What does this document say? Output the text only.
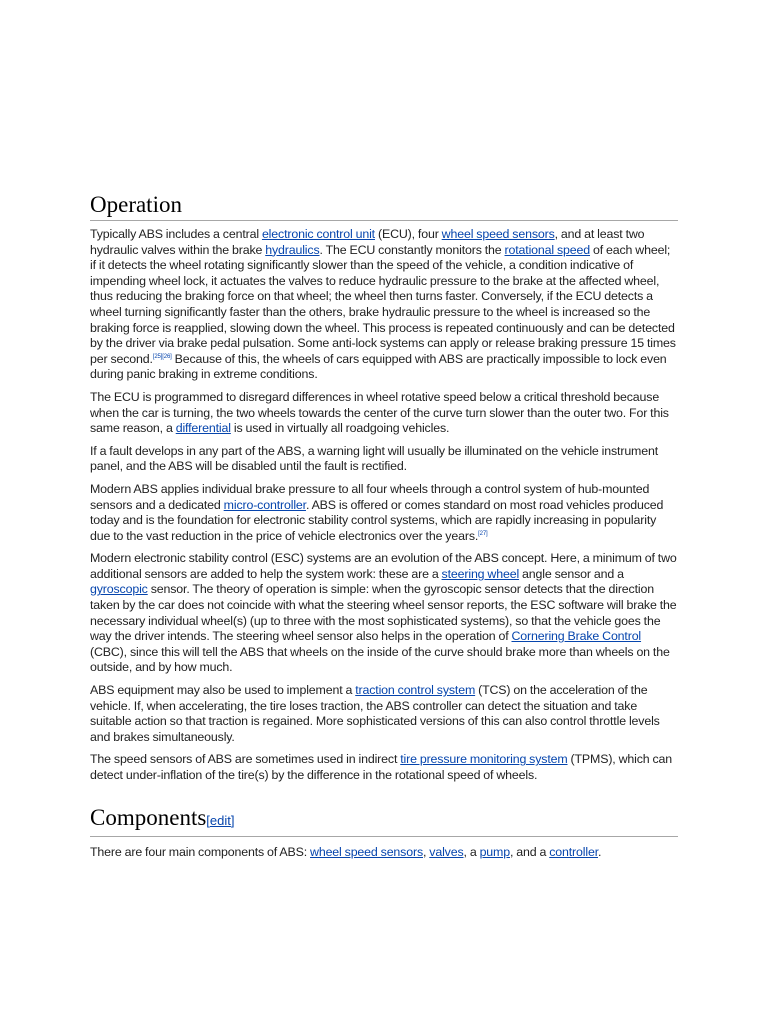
Operation

Typically ABS includes a central electronic control unit (ECU), four wheel speed sensors, and at least two hydraulic valves within the brake hydraulics. The ECU constantly monitors the rotational speed of each wheel; if it detects the wheel rotating significantly slower than the speed of the vehicle, a condition indicative of impending wheel lock, it actuates the valves to reduce hydraulic pressure to the brake at the affected wheel, thus reducing the braking force on that wheel; the wheel then turns faster. Conversely, if the ECU detects a wheel turning significantly faster than the others, brake hydraulic pressure to the wheel is increased so the braking force is reapplied, slowing down the wheel. This process is repeated continuously and can be detected by the driver via brake pedal pulsation. Some anti-lock systems can apply or release braking pressure 15 times per second.[25][26] Because of this, the wheels of cars equipped with ABS are practically impossible to lock even during panic braking in extreme conditions.

The ECU is programmed to disregard differences in wheel rotative speed below a critical threshold because when the car is turning, the two wheels towards the center of the curve turn slower than the outer two. For this same reason, a differential is used in virtually all roadgoing vehicles.

If a fault develops in any part of the ABS, a warning light will usually be illuminated on the vehicle instrument panel, and the ABS will be disabled until the fault is rectified.

Modern ABS applies individual brake pressure to all four wheels through a control system of hub-mounted sensors and a dedicated micro-controller. ABS is offered or comes standard on most road vehicles produced today and is the foundation for electronic stability control systems, which are rapidly increasing in popularity due to the vast reduction in the price of vehicle electronics over the years.[27]

Modern electronic stability control (ESC) systems are an evolution of the ABS concept. Here, a minimum of two additional sensors are added to help the system work: these are a steering wheel angle sensor and a gyroscopic sensor. The theory of operation is simple: when the gyroscopic sensor detects that the direction taken by the car does not coincide with what the steering wheel sensor reports, the ESC software will brake the necessary individual wheel(s) (up to three with the most sophisticated systems), so that the vehicle goes the way the driver intends. The steering wheel sensor also helps in the operation of Cornering Brake Control (CBC), since this will tell the ABS that wheels on the inside of the curve should brake more than wheels on the outside, and by how much.

ABS equipment may also be used to implement a traction control system (TCS) on the acceleration of the vehicle. If, when accelerating, the tire loses traction, the ABS controller can detect the situation and take suitable action so that traction is regained. More sophisticated versions of this can also control throttle levels and brakes simultaneously.

The speed sensors of ABS are sometimes used in indirect tire pressure monitoring system (TPMS), which can detect under-inflation of the tire(s) by the difference in the rotational speed of wheels.

Components[edit]

There are four main components of ABS: wheel speed sensors, valves, a pump, and a controller.
